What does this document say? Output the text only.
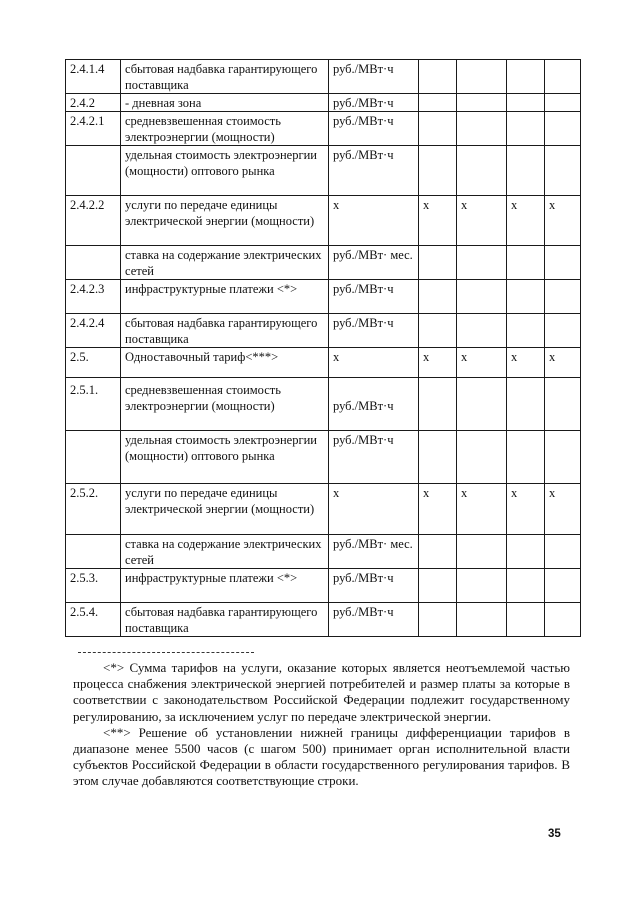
2.4.1.4	сбытовая надбавка гарантирующего поставщика	руб./МВт·ч				
2.4.2	- дневная зона	руб./МВт·ч				
2.4.2.1	средневзвешенная стоимость электроэнергии (мощности)	руб./МВт·ч				
	удельная стоимость электроэнергии (мощности) оптового рынка	руб./МВт·ч				
2.4.2.2	услуги по передаче единицы электрической энергии (мощности)	x	x	x	x	x
	ставка на содержание электрических сетей	руб./МВт· мес.				
2.4.2.3	инфраструктурные платежи <*>	руб./МВт·ч				
2.4.2.4	сбытовая надбавка гарантирующего поставщика	руб./МВт·ч				
2.5.	Одноставочный тариф<***>	x	x	x	x	x
2.5.1.	средневзвешенная стоимость электроэнергии (мощности)	руб./МВт·ч				
	удельная стоимость электроэнергии (мощности) оптового рынка	руб./МВт·ч				
2.5.2.	услуги по передаче единицы электрической энергии (мощности)	x	x	x	x	x
	ставка на содержание электрических сетей	руб./МВт· мес.				
2.5.3.	инфраструктурные платежи <*>	руб./МВт·ч				
2.5.4.	сбытовая надбавка гарантирующего поставщика	руб./МВт·ч				

<*> Сумма тарифов на услуги, оказание которых является неотъемлемой частью процесса снабжения электрической энергией потребителей и размер платы за которые в соответствии с законодательством Российской Федерации подлежит государственному регулированию, за исключением услуг по передаче электрической энергии.

<**> Решение об установлении нижней границы дифференциации тарифов в диапазоне менее 5500 часов (с шагом 500) принимает орган исполнительной власти субъектов Российской Федерации в области государственного регулирования тарифов. В этом случае добавляются соответствующие строки.

35
